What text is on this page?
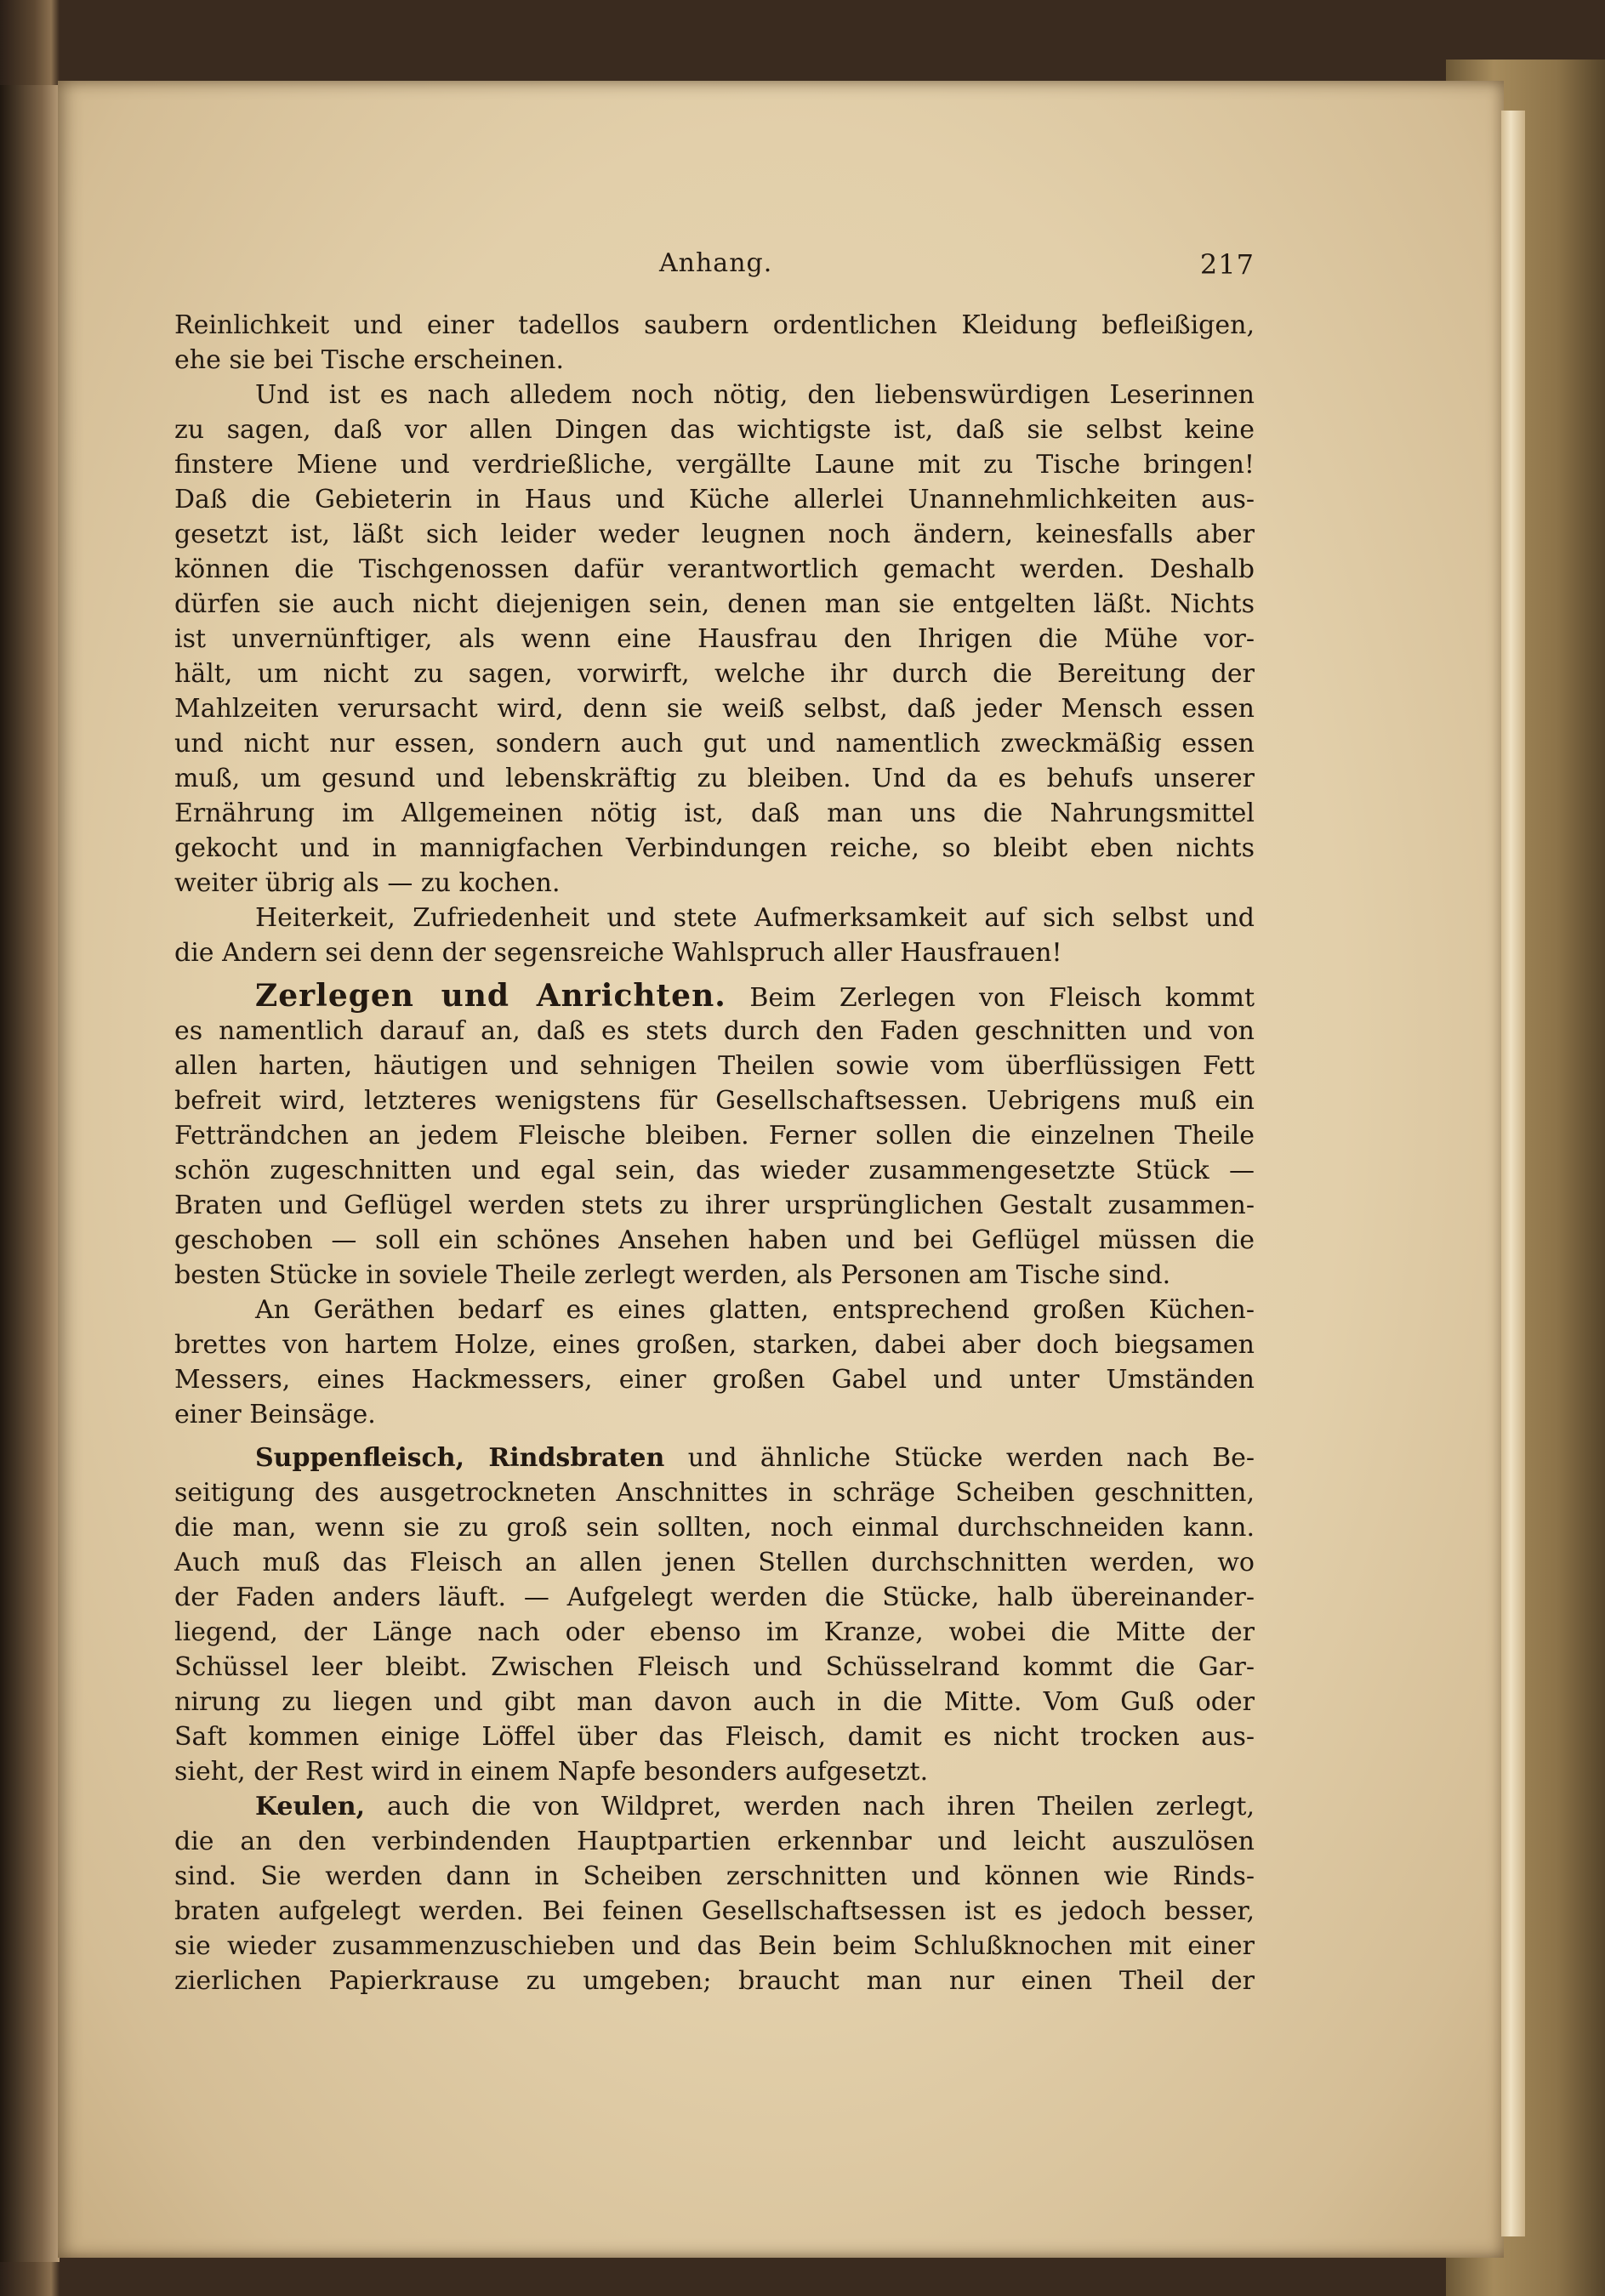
Anhang.	217
Reinlichkeit und einer tadellos saubern ordentlichen Kleidung befleißigen,
ehe sie bei Tische erscheinen.
Und ist es nach alledem noch nötig, den liebenswürdigen Leserinnen
zu sagen, daß vor allen Dingen das wichtigste ist, daß sie selbst keine
finstere Miene und verdrießliche, vergällte Laune mit zu Tische bringen!
Daß die Gebieterin in Haus und Küche allerlei Unannehmlichkeiten aus-
gesetzt ist, läßt sich leider weder leugnen noch ändern, keinesfalls aber
können die Tischgenossen dafür verantwortlich gemacht werden. Deshalb
dürfen sie auch nicht diejenigen sein, denen man sie entgelten läßt. Nichts
ist unvernünftiger, als wenn eine Hausfrau den Ihrigen die Mühe vor-
hält, um nicht zu sagen, vorwirft, welche ihr durch die Bereitung der
Mahlzeiten verursacht wird, denn sie weiß selbst, daß jeder Mensch essen
und nicht nur essen, sondern auch gut und namentlich zweckmäßig essen
muß, um gesund und lebenskräftig zu bleiben. Und da es behufs unserer
Ernährung im Allgemeinen nötig ist, daß man uns die Nahrungsmittel
gekocht und in mannigfachen Verbindungen reiche, so bleibt eben nichts
weiter übrig als — zu kochen.
Heiterkeit, Zufriedenheit und stete Aufmerksamkeit auf sich selbst und
die Andern sei denn der segensreiche Wahlspruch aller Hausfrauen!
Zerlegen und Anrichten. Beim Zerlegen von Fleisch kommt
es namentlich darauf an, daß es stets durch den Faden geschnitten und von
allen harten, häutigen und sehnigen Theilen sowie vom überflüssigen Fett
befreit wird, letzteres wenigstens für Gesellschaftsessen. Uebrigens muß ein
Fetträndchen an jedem Fleische bleiben. Ferner sollen die einzelnen Theile
schön zugeschnitten und egal sein, das wieder zusammengesetzte Stück —
Braten und Geflügel werden stets zu ihrer ursprünglichen Gestalt zusammen-
geschoben — soll ein schönes Ansehen haben und bei Geflügel müssen die
besten Stücke in soviele Theile zerlegt werden, als Personen am Tische sind.
An Geräthen bedarf es eines glatten, entsprechend großen Küchen-
brettes von hartem Holze, eines großen, starken, dabei aber doch biegsamen
Messers, eines Hackmessers, einer großen Gabel und unter Umständen
einer Beinsäge.
Suppenfleisch, Rindsbraten und ähnliche Stücke werden nach Be-
seitigung des ausgetrockneten Anschnittes in schräge Scheiben geschnitten,
die man, wenn sie zu groß sein sollten, noch einmal durchschneiden kann.
Auch muß das Fleisch an allen jenen Stellen durchschnitten werden, wo
der Faden anders läuft. — Aufgelegt werden die Stücke, halb übereinander-
liegend, der Länge nach oder ebenso im Kranze, wobei die Mitte der
Schüssel leer bleibt. Zwischen Fleisch und Schüsselrand kommt die Gar-
nirung zu liegen und gibt man davon auch in die Mitte. Vom Guß oder
Saft kommen einige Löffel über das Fleisch, damit es nicht trocken aus-
sieht, der Rest wird in einem Napfe besonders aufgesetzt.
Keulen, auch die von Wildpret, werden nach ihren Theilen zerlegt,
die an den verbindenden Hauptpartien erkennbar und leicht auszulösen
sind. Sie werden dann in Scheiben zerschnitten und können wie Rinds-
braten aufgelegt werden. Bei feinen Gesellschaftsessen ist es jedoch besser,
sie wieder zusammenzuschieben und das Bein beim Schlußknochen mit einer
zierlichen Papierkrause zu umgeben; braucht man nur einen Theil der
